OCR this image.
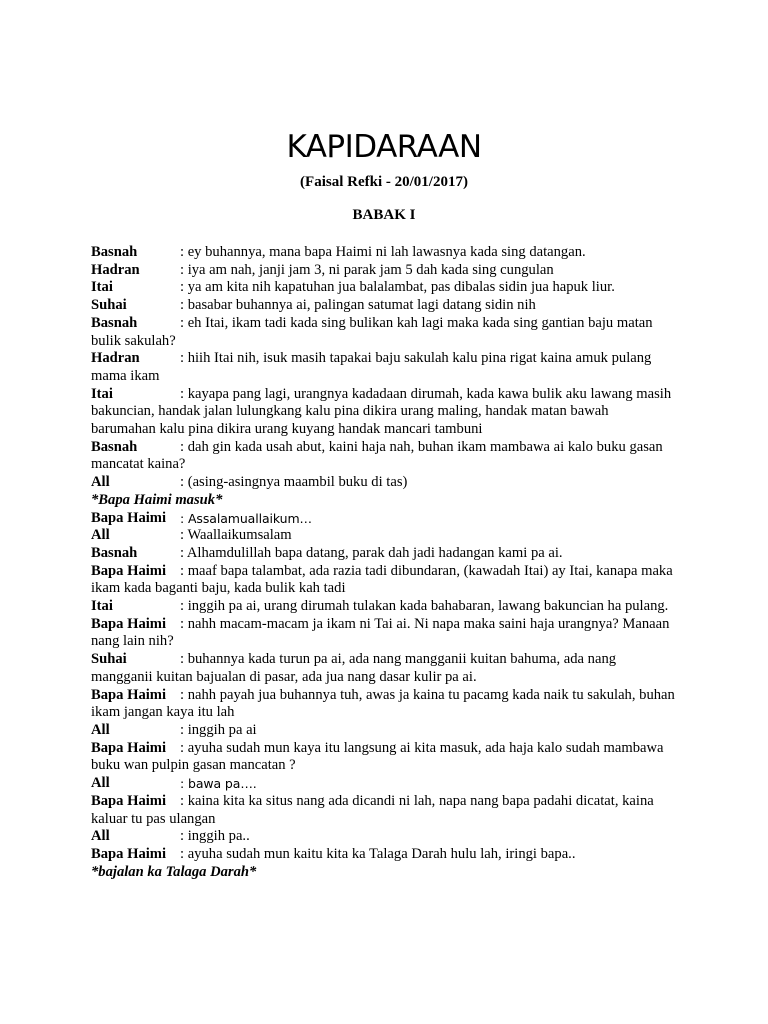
KAPIDARAAN
(Faisal Refki - 20/01/2017)
BABAK I
Basnah	: ey buhannya, mana bapa Haimi ni lah lawasnya kada sing datangan.
Hadran	: iya am nah, janji jam 3, ni parak jam 5 dah kada sing cungulan
Itai	: ya am kita nih kapatuhan jua balalambat, pas dibalas sidin jua hapuk liur.
Suhai	: basabar buhannya ai, palingan satumat lagi datang sidin nih
Basnah	: eh Itai, ikam tadi kada sing bulikan kah lagi maka kada sing gantian baju matan bulik sakulah?
Hadran	: hiih Itai nih, isuk masih tapakai baju sakulah kalu pina rigat kaina amuk pulang mama ikam
Itai	: kayapa pang lagi, urangnya kadadaan dirumah, kada kawa bulik aku lawang masih bakuncian, handak jalan lulungkang kalu pina dikira urang maling, handak matan bawah barumahan kalu pina dikira urang kuyang handak mancari tambuni
Basnah	: dah gin kada usah abut, kaini haja nah, buhan ikam mambawa ai kalo buku gasan mancatat kaina?
All	: (asing-asingnya maambil buku di tas)
*Bapa Haimi masuk*
Bapa Haimi	: Assalamuallaikum…
All	: Waallaikumsalam
Basnah	: Alhamdulillah bapa datang, parak dah jadi hadangan kami pa ai.
Bapa Haimi : maaf bapa talambat, ada razia tadi dibundaran, (kawadah Itai) ay Itai, kanapa maka ikam kada baganti baju, kada bulik kah tadi
Itai	: inggih pa ai, urang dirumah tulakan kada bahabaran, lawang bakuncian ha pulang.
Bapa Haimi : nahh macam-macam ja ikam ni Tai ai. Ni napa maka saini haja urangnya? Manaan nang lain nih?
Suhai	: buhannya kada turun pa ai, ada nang mangganii kuitan bahuma, ada nang mangganii kuitan bajualan di pasar, ada jua nang dasar kulir pa ai.
Bapa Haimi : nahh payah jua buhannya tuh, awas ja kaina tu pacamg kada naik tu sakulah, buhan ikam jangan kaya itu lah
All	: inggih pa ai
Bapa Haimi : ayuha sudah mun kaya itu langsung ai kita masuk, ada haja kalo sudah mambawa buku wan pulpin gasan mancatan ?
All	: bawa pa….
Bapa Haimi : kaina kita ka situs nang ada dicandi ni lah, napa nang bapa padahi dicatat, kaina kaluar tu pas ulangan
All	: inggih pa..
Bapa Haimi : ayuha sudah mun kaitu kita ka Talaga Darah hulu lah, iringi bapa..
*bajalan ka Talaga Darah*
